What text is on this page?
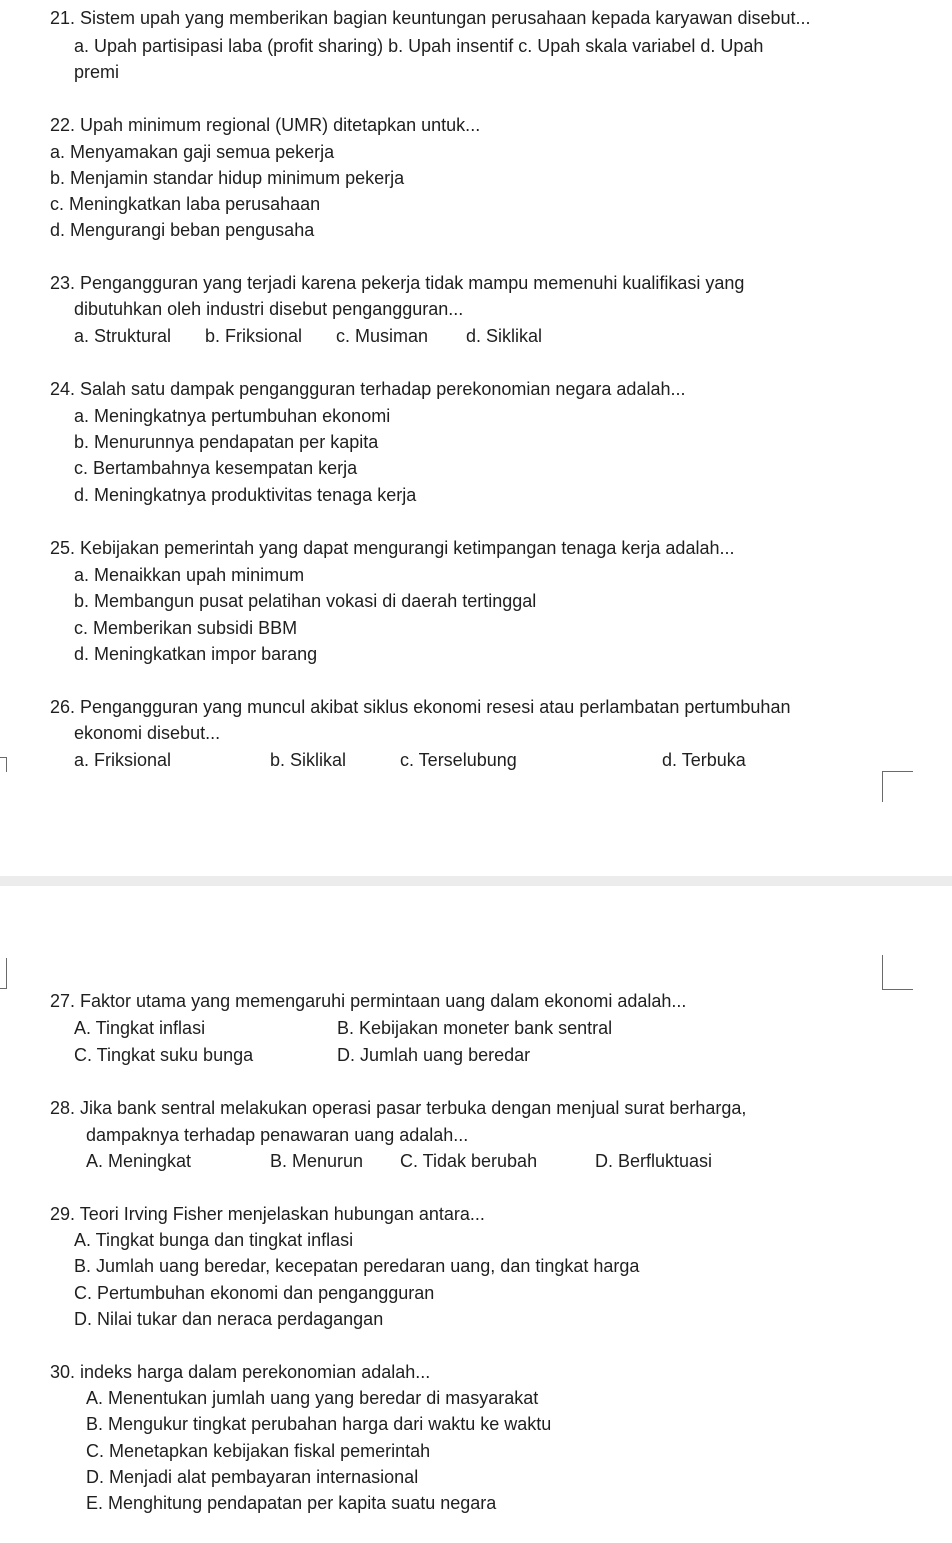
21. Sistem upah yang memberikan bagian keuntungan perusahaan kepada karyawan disebut...
a. Upah partisipasi laba (profit sharing) b. Upah insentif c. Upah skala variabel d. Upah
premi
22. Upah minimum regional (UMR) ditetapkan untuk...
a. Menyamakan gaji semua pekerja
b. Menjamin standar hidup minimum pekerja
c. Meningkatkan laba perusahaan
d. Mengurangi beban pengusaha
23. Pengangguran yang terjadi karena pekerja tidak mampu memenuhi kualifikasi yang
dibutuhkan oleh industri disebut pengangguran...
a. Struktural b. Friksional c. Musiman d. Siklikal
24. Salah satu dampak pengangguran terhadap perekonomian negara adalah...
a. Meningkatnya pertumbuhan ekonomi
b. Menurunnya pendapatan per kapita
c. Bertambahnya kesempatan kerja
d. Meningkatnya produktivitas tenaga kerja
25. Kebijakan pemerintah yang dapat mengurangi ketimpangan tenaga kerja adalah...
a. Menaikkan upah minimum
b. Membangun pusat pelatihan vokasi di daerah tertinggal
c. Memberikan subsidi BBM
d. Meningkatkan impor barang
26. Pengangguran yang muncul akibat siklus ekonomi resesi atau perlambatan pertumbuhan
ekonomi disebut...
a. Friksional	b. Siklikal	c. Terselubung	d. Terbuka
27. Faktor utama yang memengaruhi permintaan uang dalam ekonomi adalah...
A. Tingkat inflasi	B. Kebijakan moneter bank sentral
C. Tingkat suku bunga	D. Jumlah uang beredar
28. Jika bank sentral melakukan operasi pasar terbuka dengan menjual surat berharga,
dampaknya terhadap penawaran uang adalah...
A. Meningkat	B. Menurun C. Tidak berubah	D. Berfluktuasi
29. Teori Irving Fisher menjelaskan hubungan antara...
A. Tingkat bunga dan tingkat inflasi
B. Jumlah uang beredar, kecepatan peredaran uang, dan tingkat harga
C. Pertumbuhan ekonomi dan pengangguran
D. Nilai tukar dan neraca perdagangan
30. indeks harga dalam perekonomian adalah...
A. Menentukan jumlah uang yang beredar di masyarakat
B. Mengukur tingkat perubahan harga dari waktu ke waktu
C. Menetapkan kebijakan fiskal pemerintah
D. Menjadi alat pembayaran internasional
E. Menghitung pendapatan per kapita suatu negara
